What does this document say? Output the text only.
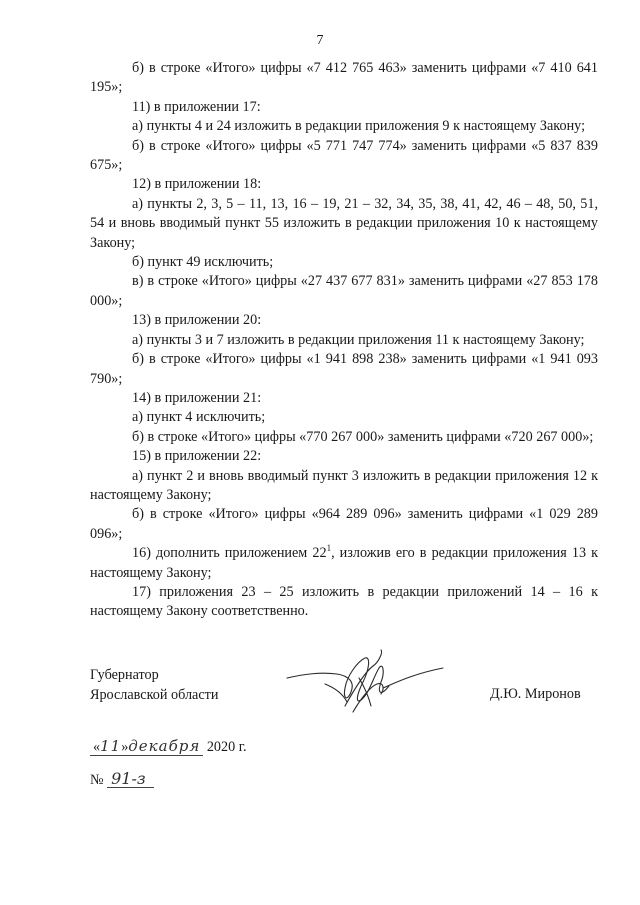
7

б) в строке «Итого» цифры «7 412 765 463» заменить цифрами «7 410 641 195»;

11) в приложении 17:

а) пункты 4 и 24 изложить в редакции приложения 9 к настоящему Закону;

б) в строке «Итого» цифры «5 771 747 774» заменить цифрами «5 837 839 675»;

12) в приложении 18:

а) пункты 2, 3, 5 – 11, 13, 16 – 19, 21 – 32, 34, 35, 38, 41, 42, 46 – 48, 50, 51, 54 и вновь вводимый пункт 55 изложить в редакции приложения 10 к настоящему Закону;

б) пункт 49 исключить;

в) в строке «Итого» цифры «27 437 677 831» заменить цифрами «27 853 178 000»;

13) в приложении 20:

а) пункты 3 и 7 изложить в редакции приложения 11 к настоящему Закону;

б) в строке «Итого» цифры «1 941 898 238» заменить цифрами «1 941 093 790»;

14) в приложении 21:

а) пункт 4 исключить;

б) в строке «Итого» цифры «770 267 000» заменить цифрами «720 267 000»;

15) в приложении 22:

а) пункт 2 и вновь вводимый пункт 3 изложить в редакции приложения 12 к настоящему Закону;

б) в строке «Итого» цифры «964 289 096» заменить цифрами «1 029 289 096»;

16) дополнить приложением $22^1$, изложив его в редакции приложения 13 к настоящему Закону;

17) приложения 23 – 25 изложить в редакции приложений 14 – 16 к настоящему Закону соответственно.

Губернатор
Ярославской области	Д.Ю. Миронов
«11»декабря 2020 г.
№ 91-з
